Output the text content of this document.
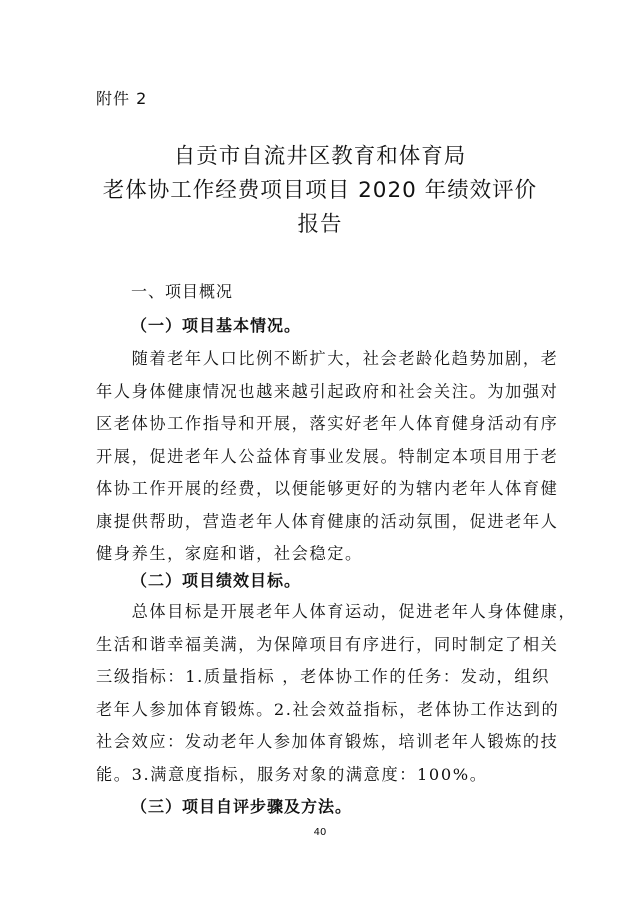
附件 2
自贡市自流井区教育和体育局
老体协工作经费项目项目 2020 年绩效评价
报告
一、项目概况
（一）项目基本情况。
　　随着老年人口比例不断扩大，社会老龄化趋势加剧，老
年人身体健康情况也越来越引起政府和社会关注。为加强对
区老体协工作指导和开展，落实好老年人体育健身活动有序
开展，促进老年人公益体育事业发展。特制定本项目用于老
体协工作开展的经费，以便能够更好的为辖内老年人体育健
康提供帮助，营造老年人体育健康的活动氛围，促进老年人
健身养生，家庭和谐，社会稳定。
（二）项目绩效目标。
　　总体目标是开展老年人体育运动，促进老年人身体健康，
生活和谐幸福美满，为保障项目有序进行，同时制定了相关
三级指标：1.质量指标 ，老体协工作的任务：发动，组织
老年人参加体育锻炼。2.社会效益指标，老体协工作达到的
社会效应：发动老年人参加体育锻炼，培训老年人锻炼的技
能。3.满意度指标，服务对象的满意度：100%。
（三）项目自评步骤及方法。
40
